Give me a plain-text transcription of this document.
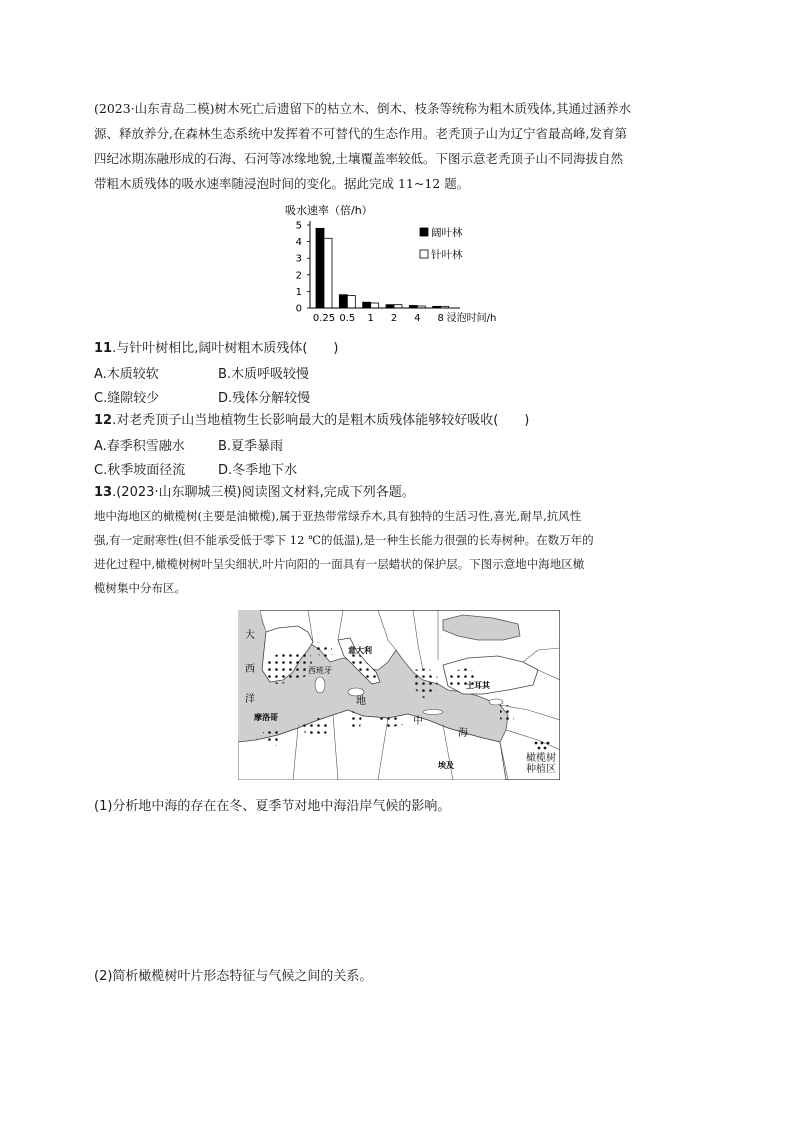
(2023·山东青岛二模)树木死亡后遗留下的枯立木、倒木、枝条等统称为粗木质残体,其通过涵养水
源、释放养分,在森林生态系统中发挥着不可替代的生态作用。老秃顶子山为辽宁省最高峰,发育第
四纪冰期冻融形成的石海、石河等冰缘地貌,土壤覆盖率较低。下图示意老秃顶子山不同海拔自然
带粗木质残体的吸水速率随浸泡时间的变化。据此完成 11~12 题。
吸水速率（倍/h）
0
1
2
3
4
5
0.25 0.5 1 2 4 8 浸泡时间/h
阔叶林
针叶林
11.与针叶树相比,阔叶树粗木质残体(　　)
A.木质较软	B.木质呼吸较慢
C.缝隙较少	D.残体分解较慢
12.对老秃顶子山当地植物生长影响最大的是粗木质残体能够较好吸收(　　)
A.春季积雪融水	B.夏季暴雨
C.秋季坡面径流	D.冬季地下水
13.(2023·山东聊城三模)阅读图文材料,完成下列各题。
地中海地区的橄榄树(主要是油橄榄),属于亚热带常绿乔木,具有独特的生活习性,喜光,耐旱,抗风性
强,有一定耐寒性(但不能承受低于零下 12 ℃的低温),是一种生长能力很强的长寿树种。在数万年的
进化过程中,橄榄树树叶呈尖细状,叶片向阳的一面具有一层蜡状的保护层。下图示意地中海地区橄
榄树集中分布区。
大
西
洋
西班牙
意大利
土耳其
摩洛哥
埃及
地
中
海
橄榄树
种植区
(1)分析地中海的存在在冬、夏季节对地中海沿岸气候的影响。
(2)简析橄榄树叶片形态特征与气候之间的关系。
